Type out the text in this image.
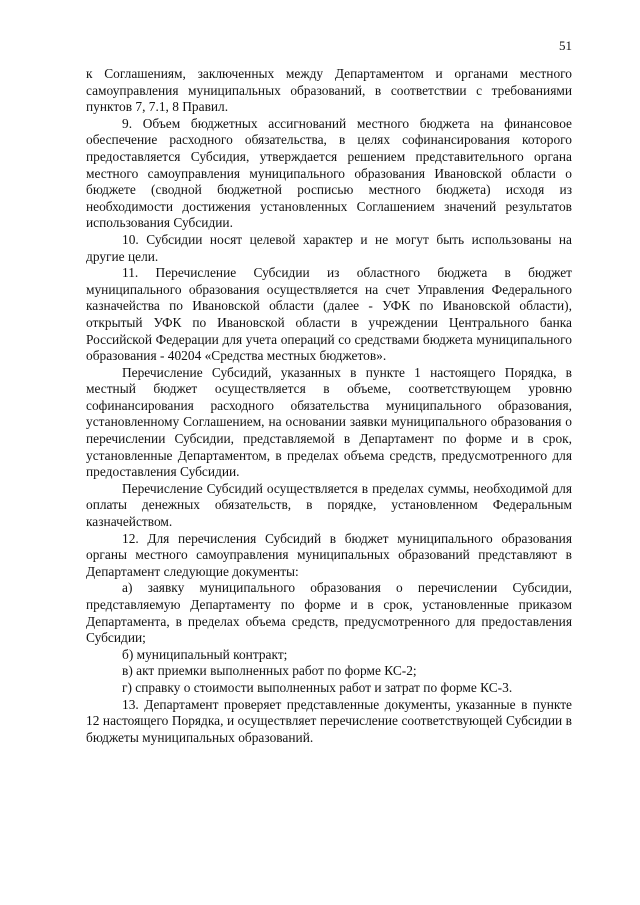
51

к Соглашениям, заключенных между Департаментом и органами местного самоуправления муниципальных образований, в соответствии с требованиями пунктов 7, 7.1, 8 Правил.

9. Объем бюджетных ассигнований местного бюджета на финансовое обеспечение расходного обязательства, в целях софинансирования которого предоставляется Субсидия, утверждается решением представительного органа местного самоуправления муниципального образования Ивановской области о бюджете (сводной бюджетной росписью местного бюджета) исходя из необходимости достижения установленных Соглашением значений результатов использования Субсидии.

10. Субсидии носят целевой характер и не могут быть использованы на другие цели.

11. Перечисление Субсидии из областного бюджета в бюджет муниципального образования осуществляется на счет Управления Федерального казначейства по Ивановской области (далее - УФК по Ивановской области), открытый УФК по Ивановской области в учреждении Центрального банка Российской Федерации для учета операций со средствами бюджета муниципального образования - 40204 «Средства местных бюджетов».

Перечисление Субсидий, указанных в пункте 1 настоящего Порядка, в местный бюджет осуществляется в объеме, соответствующем уровню софинансирования расходного обязательства муниципального образования, установленному Соглашением, на основании заявки муниципального образования о перечислении Субсидии, представляемой в Департамент по форме и в срок, установленные Департаментом, в пределах объема средств, предусмотренного для предоставления Субсидии.

Перечисление Субсидий осуществляется в пределах суммы, необходимой для оплаты денежных обязательств, в порядке, установленном Федеральным казначейством.

12. Для перечисления Субсидий в бюджет муниципального образования органы местного самоуправления муниципальных образований представляют в Департамент следующие документы:

а) заявку муниципального образования о перечислении Субсидии, представляемую Департаменту по форме и в срок, установленные приказом Департамента, в пределах объема средств, предусмотренного для предоставления Субсидии;

б) муниципальный контракт;

в) акт приемки выполненных работ по форме КС-2;

г) справку о стоимости выполненных работ и затрат по форме КС-3.

13. Департамент проверяет представленные документы, указанные в пункте 12 настоящего Порядка, и осуществляет перечисление соответствующей Субсидии в бюджеты муниципальных образований.
